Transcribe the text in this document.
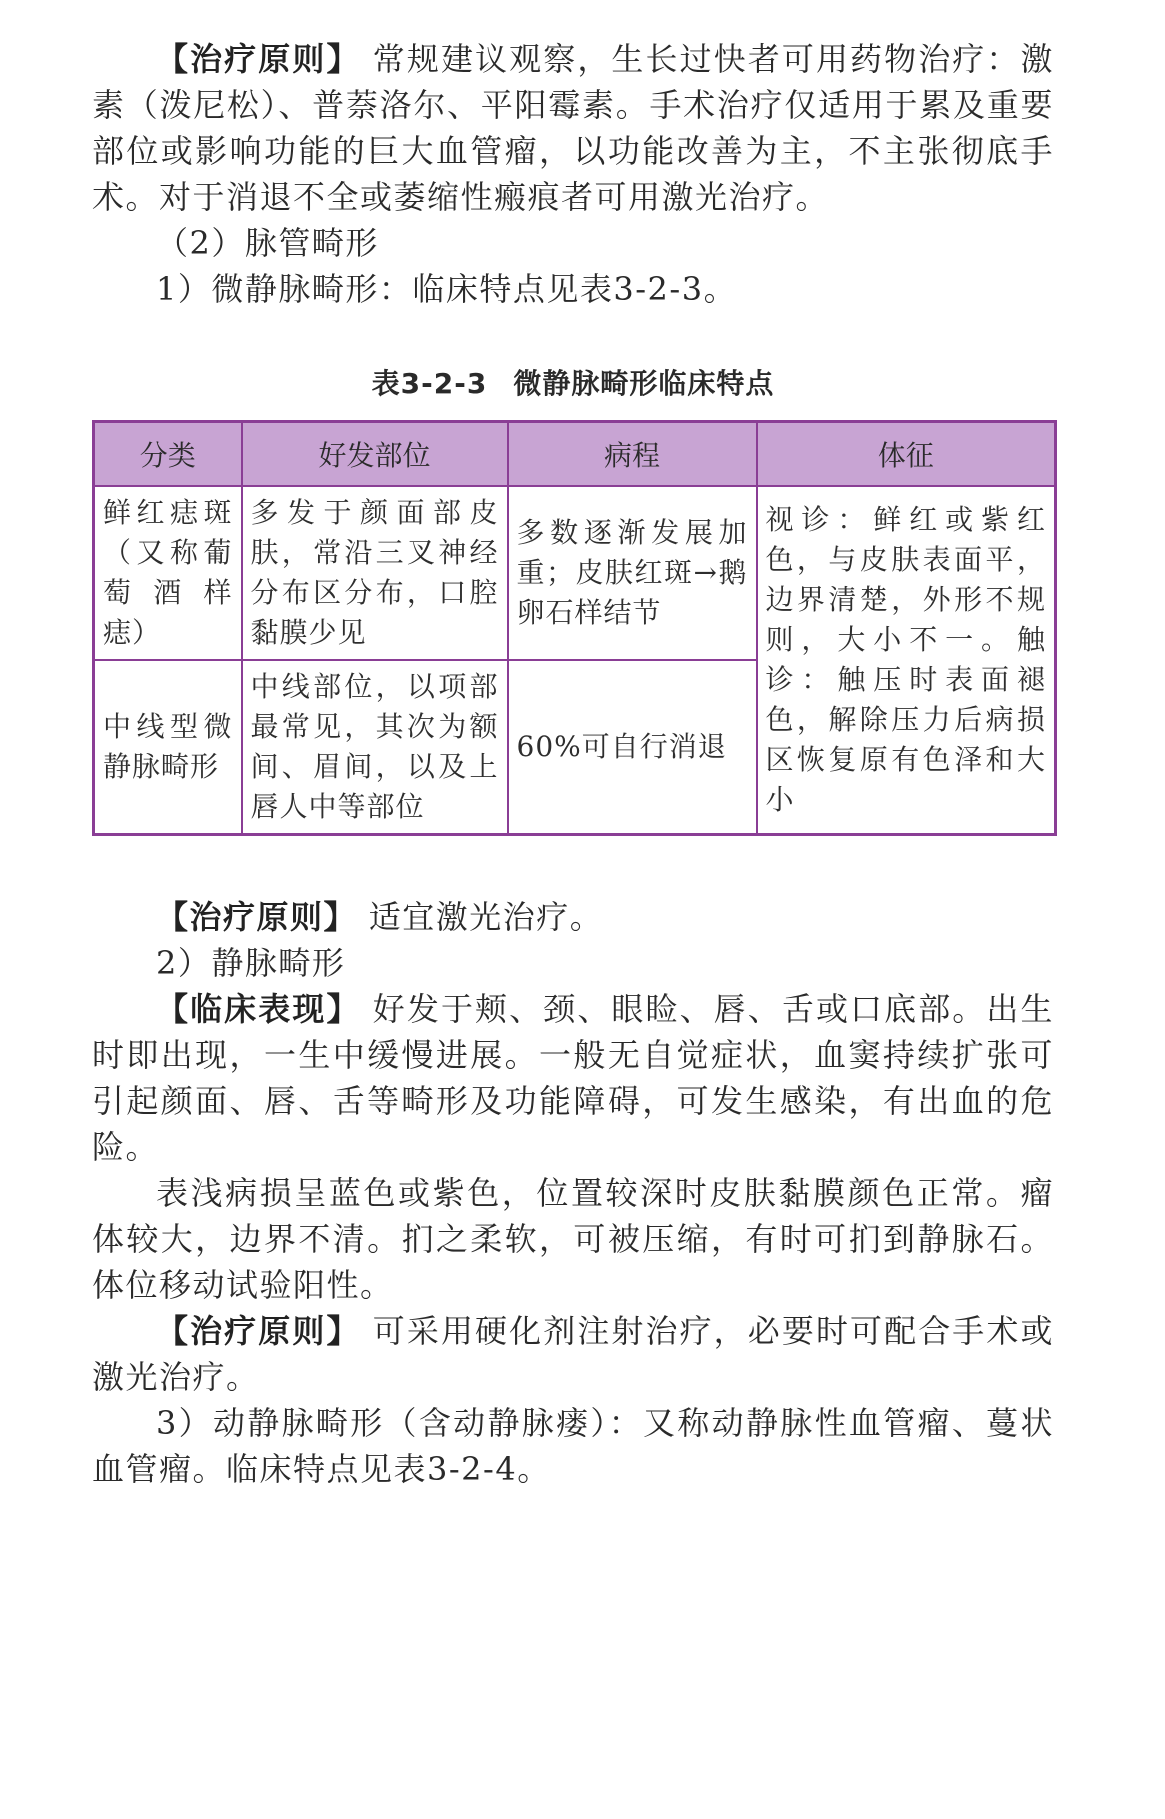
【治疗原则】 常规建议观察，生长过快者可用药物治疗：激素（泼尼松）、普萘洛尔、平阳霉素。手术治疗仅适用于累及重要部位或影响功能的巨大血管瘤，以功能改善为主，不主张彻底手术。对于消退不全或萎缩性瘢痕者可用激光治疗。

（2）脉管畸形

1）微静脉畸形：临床特点见表3-2-3。

表3-2-3 微静脉畸形临床特点
分类	好发部位	病程	体征
鲜红痣斑（又称葡萄酒样痣）	多发于颜面部皮肤，常沿三叉神经分布区分布，口腔黏膜少见	多数逐渐发展加重；皮肤红斑→鹅卵石样结节	视诊：鲜红或紫红色，与皮肤表面平，边界清楚，外形不规则，大小不一。触诊：触压时表面褪色，解除压力后病损区恢复原有色泽和大小
中线型微静脉畸形	中线部位，以项部最常见，其次为额间、眉间，以及上唇人中等部位	60%可自行消退	

【治疗原则】 适宜激光治疗。

2）静脉畸形

【临床表现】 好发于颊、颈、眼睑、唇、舌或口底部。出生时即出现，一生中缓慢进展。一般无自觉症状，血窦持续扩张可引起颜面、唇、舌等畸形及功能障碍，可发生感染，有出血的危险。

表浅病损呈蓝色或紫色，位置较深时皮肤黏膜颜色正常。瘤体较大，边界不清。扪之柔软，可被压缩，有时可扪到静脉石。体位移动试验阳性。

【治疗原则】 可采用硬化剂注射治疗，必要时可配合手术或激光治疗。

3）动静脉畸形（含动静脉瘘）：又称动静脉性血管瘤、蔓状血管瘤。临床特点见表3-2-4。
